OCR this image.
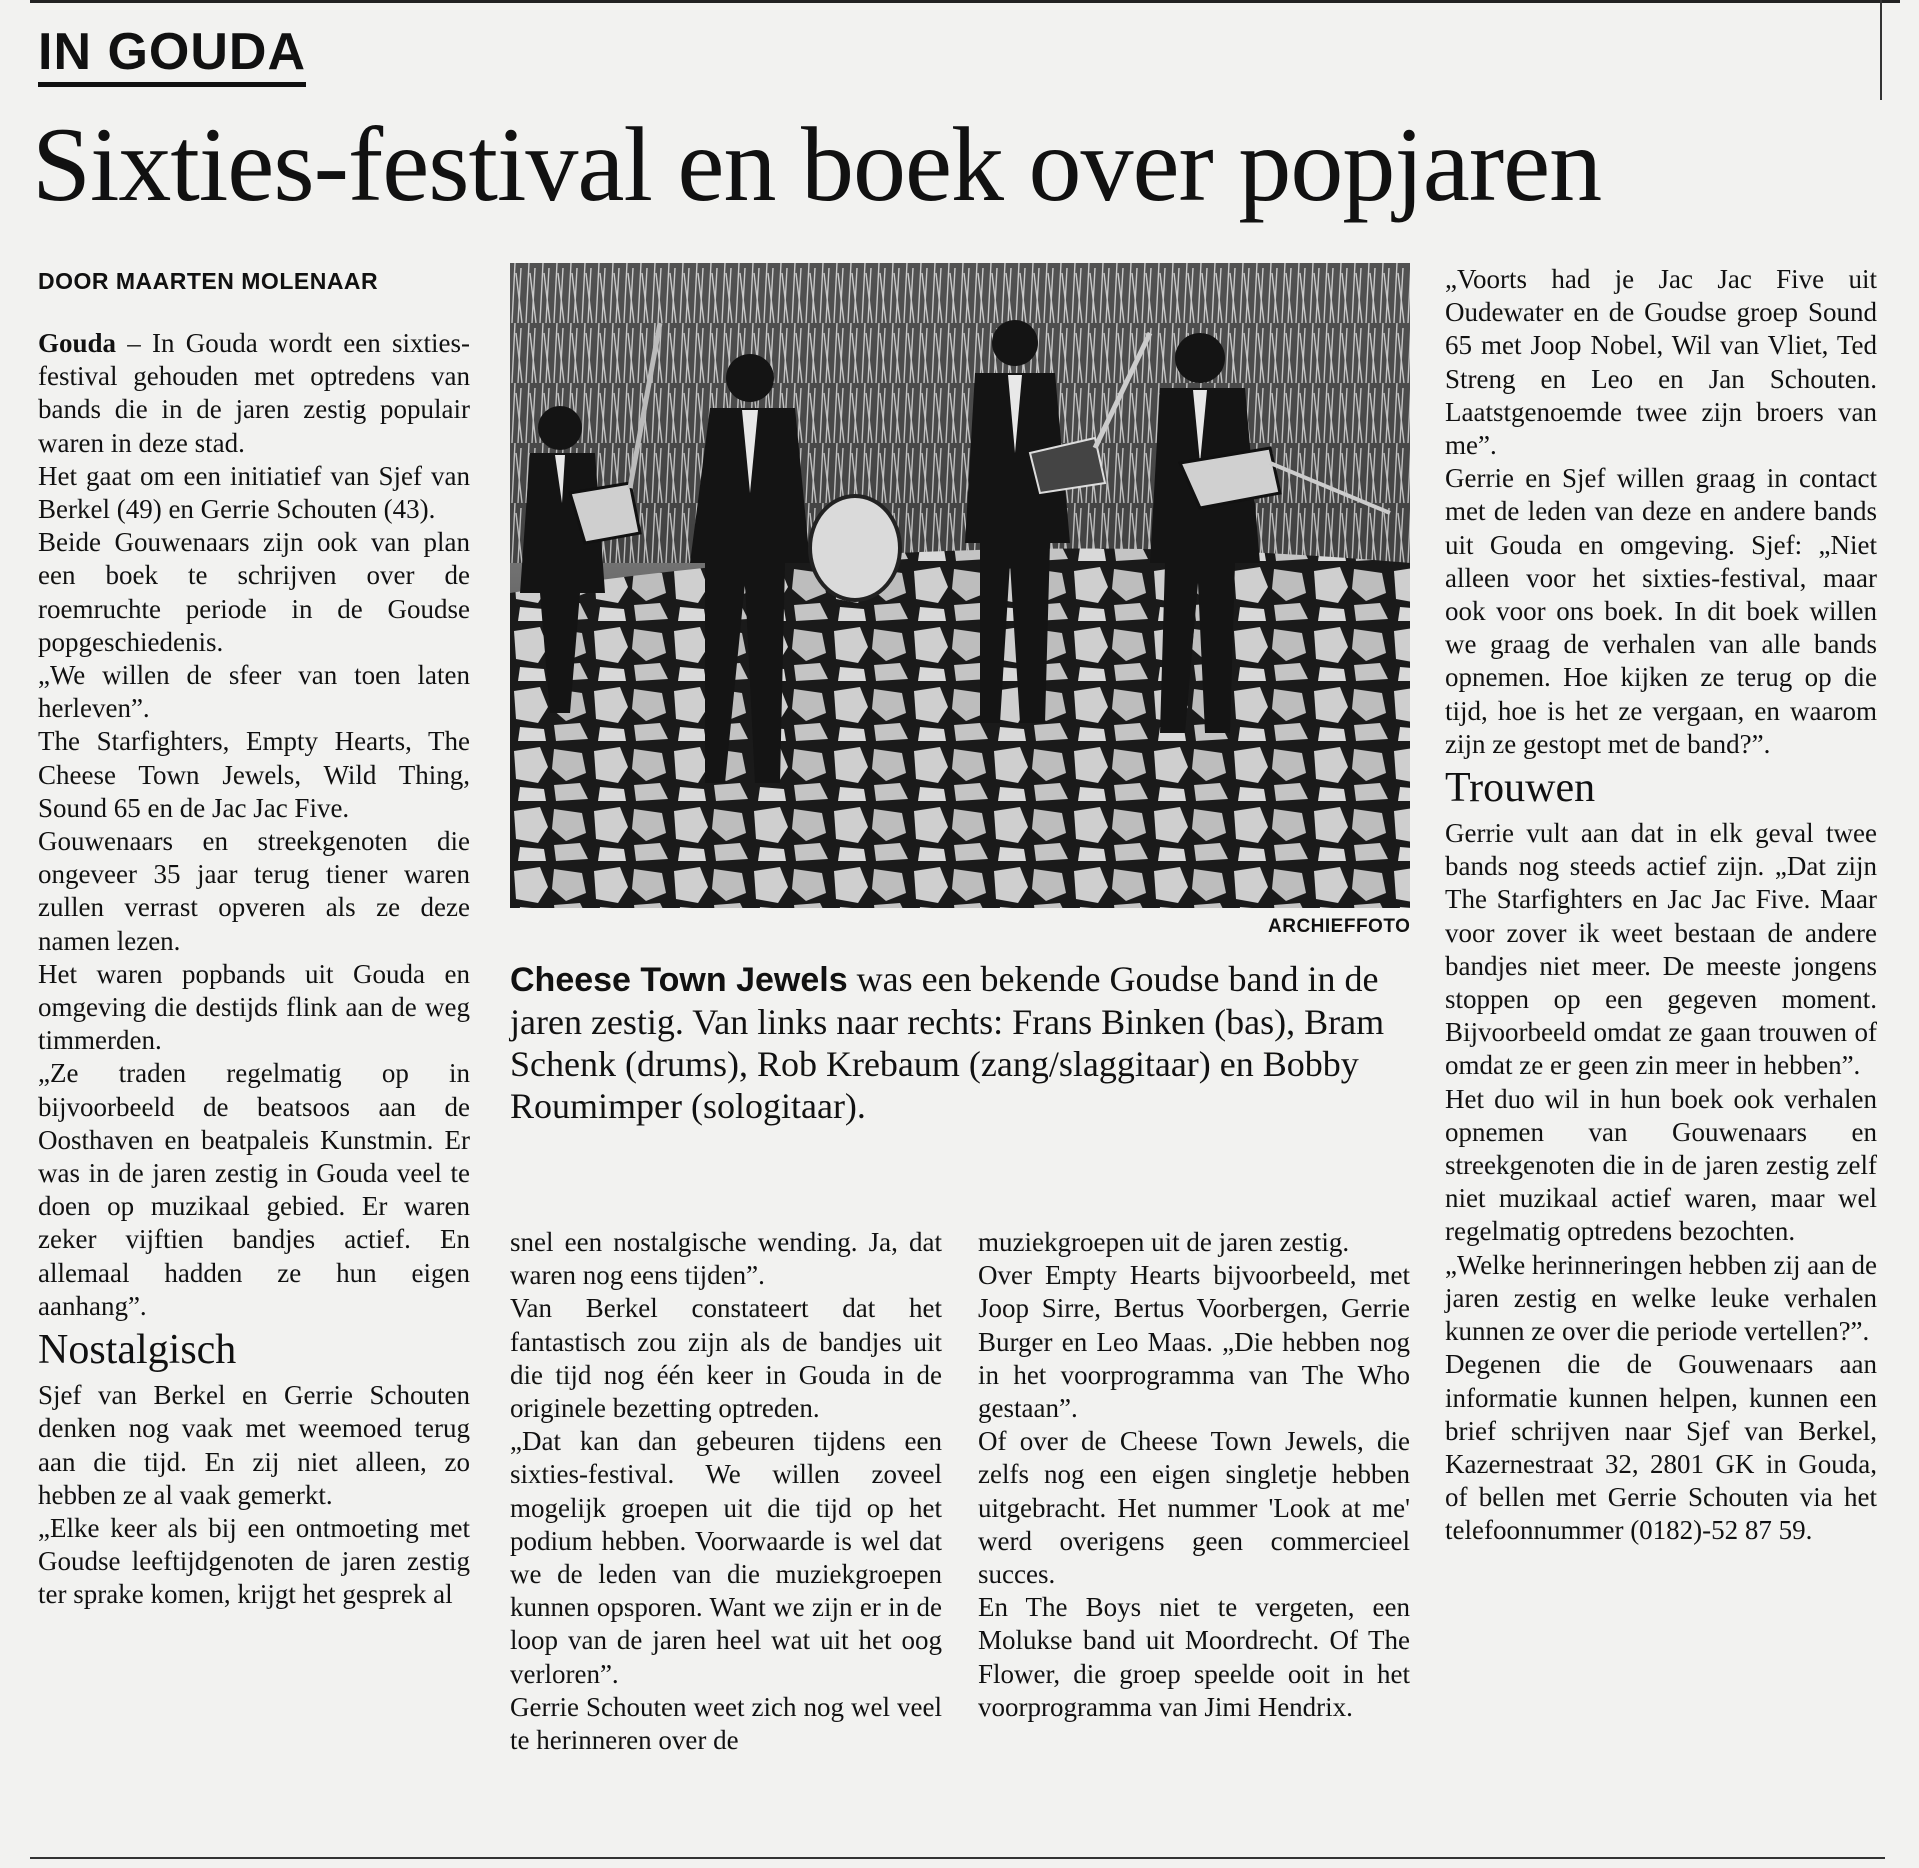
IN GOUDA
Sixties-festival en boek over popjaren
DOOR MAARTEN MOLENAAR

Gouda – In Gouda wordt een sixties-festival gehouden met optredens van bands die in de jaren zestig populair waren in deze stad.

Het gaat om een initiatief van Sjef van Berkel (49) en Gerrie Schouten (43).

Beide Gouwenaars zijn ook van plan een boek te schrijven over de roemruchte periode in de Goudse popgeschiedenis.

„We willen de sfeer van toen laten herleven”.

The Starfighters, Empty Hearts, The Cheese Town Jewels, Wild Thing, Sound 65 en de Jac Jac Five.

Gouwenaars en streekgenoten die ongeveer 35 jaar terug tiener waren zullen verrast opveren als ze deze namen lezen.

Het waren popbands uit Gouda en omgeving die destijds flink aan de weg timmerden.

„Ze traden regelmatig op in bijvoorbeeld de beatsoos aan de Oosthaven en beatpaleis Kunstmin. Er was in de jaren zestig in Gouda veel te doen op muzikaal gebied. Er waren zeker vijftien bandjes actief. En allemaal hadden ze hun eigen aanhang”.

Nostalgisch

Sjef van Berkel en Gerrie Schouten denken nog vaak met weemoed terug aan die tijd. En zij niet alleen, zo hebben ze al vaak gemerkt.

„Elke keer als bij een ontmoeting met Goudse leeftijdgenoten de jaren zestig ter sprake komen, krijgt het gesprek al

ARCHIEFFOTO
Cheese Town Jewels was een bekende Goudse band in de jaren zestig. Van links naar rechts: Frans Binken (bas), Bram Schenk (drums), Rob Krebaum (zang/slaggitaar) en Bobby Roumimper (sologitaar).

snel een nostalgische wending. Ja, dat waren nog eens tijden”.

Van Berkel constateert dat het fantastisch zou zijn als de bandjes uit die tijd nog één keer in Gouda in de originele bezetting optreden.

„Dat kan dan gebeuren tijdens een sixties-festival. We willen zoveel mogelijk groepen uit die tijd op het podium hebben. Voorwaarde is wel dat we de leden van die muziekgroepen kunnen opsporen. Want we zijn er in de loop van de jaren heel wat uit het oog verloren”.

Gerrie Schouten weet zich nog wel veel te herinneren over de

muziekgroepen uit de jaren zestig.

Over Empty Hearts bijvoorbeeld, met Joop Sirre, Bertus Voorbergen, Gerrie Burger en Leo Maas. „Die hebben nog in het voorprogramma van The Who gestaan”.

Of over de Cheese Town Jewels, die zelfs nog een eigen singletje hebben uitgebracht. Het nummer 'Look at me' werd overigens geen commercieel succes.

En The Boys niet te vergeten, een Molukse band uit Moordrecht. Of The Flower, die groep speelde ooit in het voorprogramma van Jimi Hendrix.

„Voorts had je Jac Jac Five uit Oudewater en de Goudse groep Sound 65 met Joop Nobel, Wil van Vliet, Ted Streng en Leo en Jan Schouten. Laatstgenoemde twee zijn broers van me”.

Gerrie en Sjef willen graag in contact met de leden van deze en andere bands uit Gouda en omgeving. Sjef: „Niet alleen voor het sixties-festival, maar ook voor ons boek. In dit boek willen we graag de verhalen van alle bands opnemen. Hoe kijken ze terug op die tijd, hoe is het ze vergaan, en waarom zijn ze gestopt met de band?”.

Trouwen

Gerrie vult aan dat in elk geval twee bands nog steeds actief zijn. „Dat zijn The Starfighters en Jac Jac Five. Maar voor zover ik weet bestaan de andere bandjes niet meer. De meeste jongens stoppen op een gegeven moment. Bijvoorbeeld omdat ze gaan trouwen of omdat ze er geen zin meer in hebben”.

Het duo wil in hun boek ook verhalen opnemen van Gouwenaars en streekgenoten die in de jaren zestig zelf niet muzikaal actief waren, maar wel regelmatig optredens bezochten.

„Welke herinneringen hebben zij aan de jaren zestig en welke leuke verhalen kunnen ze over die periode vertellen?”.

Degenen die de Gouwenaars aan informatie kunnen helpen, kunnen een brief schrijven naar Sjef van Berkel, Kazernestraat 32, 2801 GK in Gouda, of bellen met Gerrie Schouten via het telefoonnummer (0182)-52 87 59.
